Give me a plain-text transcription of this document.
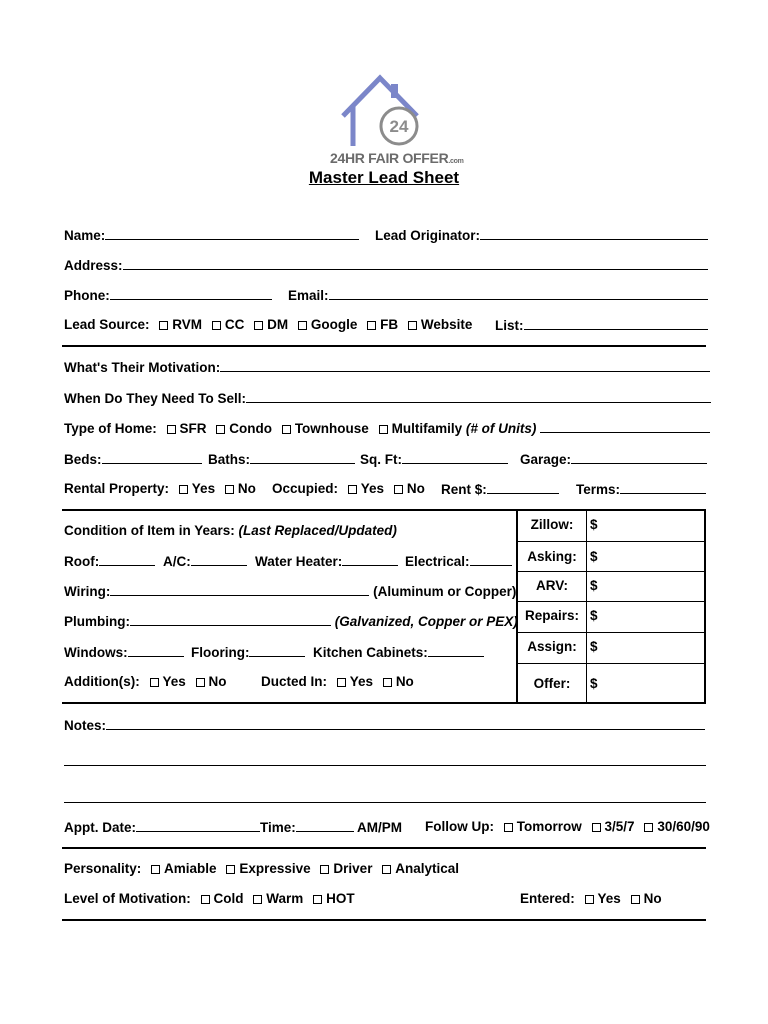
24
24HR FAIR OFFER.com
Master Lead Sheet
Name:	Lead Originator:
Address:
Phone:	Email:
Lead Source: RVM CC DM Google FB Website List:
What's Their Motivation:
When Do They Need To Sell:
Type of Home: SFR Condo Townhouse Multifamily (# of Units)
Beds:	Baths:	Sq. Ft:	Garage:
Rental Property: Yes No Occupied: Yes No Rent $:	Terms:
Condition of Item in Years: (Last Replaced/Updated)
Roof:	A/C:	Water Heater:	Electrical:
Wiring:	(Aluminum or Copper)
Plumbing:	(Galvanized, Copper or PEX)
Windows:	Flooring:	Kitchen Cabinets:
Addition(s): Yes No	Ducted In: Yes No
Zillow:	$
Asking: $
ARV:	$
Repairs: $
Assign: $
Offer:	$
Notes:
Appt. Date:	Time:	AM/PM Follow Up: Tomorrow 3/5/7 30/60/90
Personality: Amiable Expressive Driver Analytical
Level of Motivation: Cold Warm HOT	Entered: Yes No
